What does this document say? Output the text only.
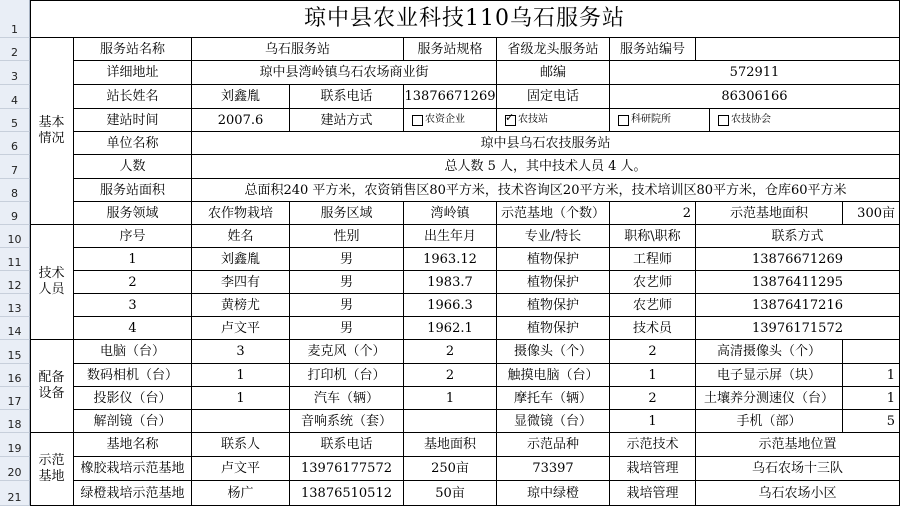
1
2
3
4
5
6
7
8
9
10
11
12
13
14
15
16
17
18
19
20
21
琼中县农业科技110乌石服务站
基本情况
技术人员
配备设备
示范基地
服务站名称	乌石服务站	服务站规格	省级龙头服务站	服务站编号
详细地址	琼中县湾岭镇乌石农场商业街	邮编	572911
站长姓名	刘鑫胤	联系电话	13876671269	固定电话	86306166
建站时间	2007.6	建站方式	农资企业
✓	农技站	科研院所	农技协会
单位名称	琼中县乌石农技服务站
人数	总人数 5 人，其中技术人员 4 人。
服务站面积	总面积240 平方米，农资销售区80平方米，技术咨询区20平方米，技术培训区80平方米，仓库60平方米
服务领域	农作物栽培	服务区域	湾岭镇	示范基地（个数）	2	示范基地面积	300亩
序号	姓名	性别	出生年月	专业/特长	职称\职称	联系方式
1	刘鑫胤	男	1963.12	植物保护	工程师	13876671269
2	李四有	男	1983.7	植物保护	农艺师	13876411295
3	黄榜尤	男	1966.3	植物保护	农艺师	13876417216
4	卢文平	男	1962.1	植物保护	技术员	13976171572
电脑（台）	3	麦克风（个）	2	摄像头（个）	2	高清摄像头（个）
数码相机（台）	1	打印机（台）	2	触摸电脑（台）	1	电子显示屏（块）	1
投影仪（台）	1	汽车（辆）	1	摩托车（辆）	2	土壤养分测速仪（台）	1
解剖镜（台）	音响系统（套）	显微镜（台）	1	手机（部）	5
基地名称	联系人	联系电话	基地面积	示范品种	示范技术	示范基地位置
橡胶栽培示范基地	卢文平	13976177572	250亩	73397	栽培管理	乌石农场十三队
绿橙栽培示范基地	杨广	13876510512	50亩	琼中绿橙	栽培管理	乌石农场小区
